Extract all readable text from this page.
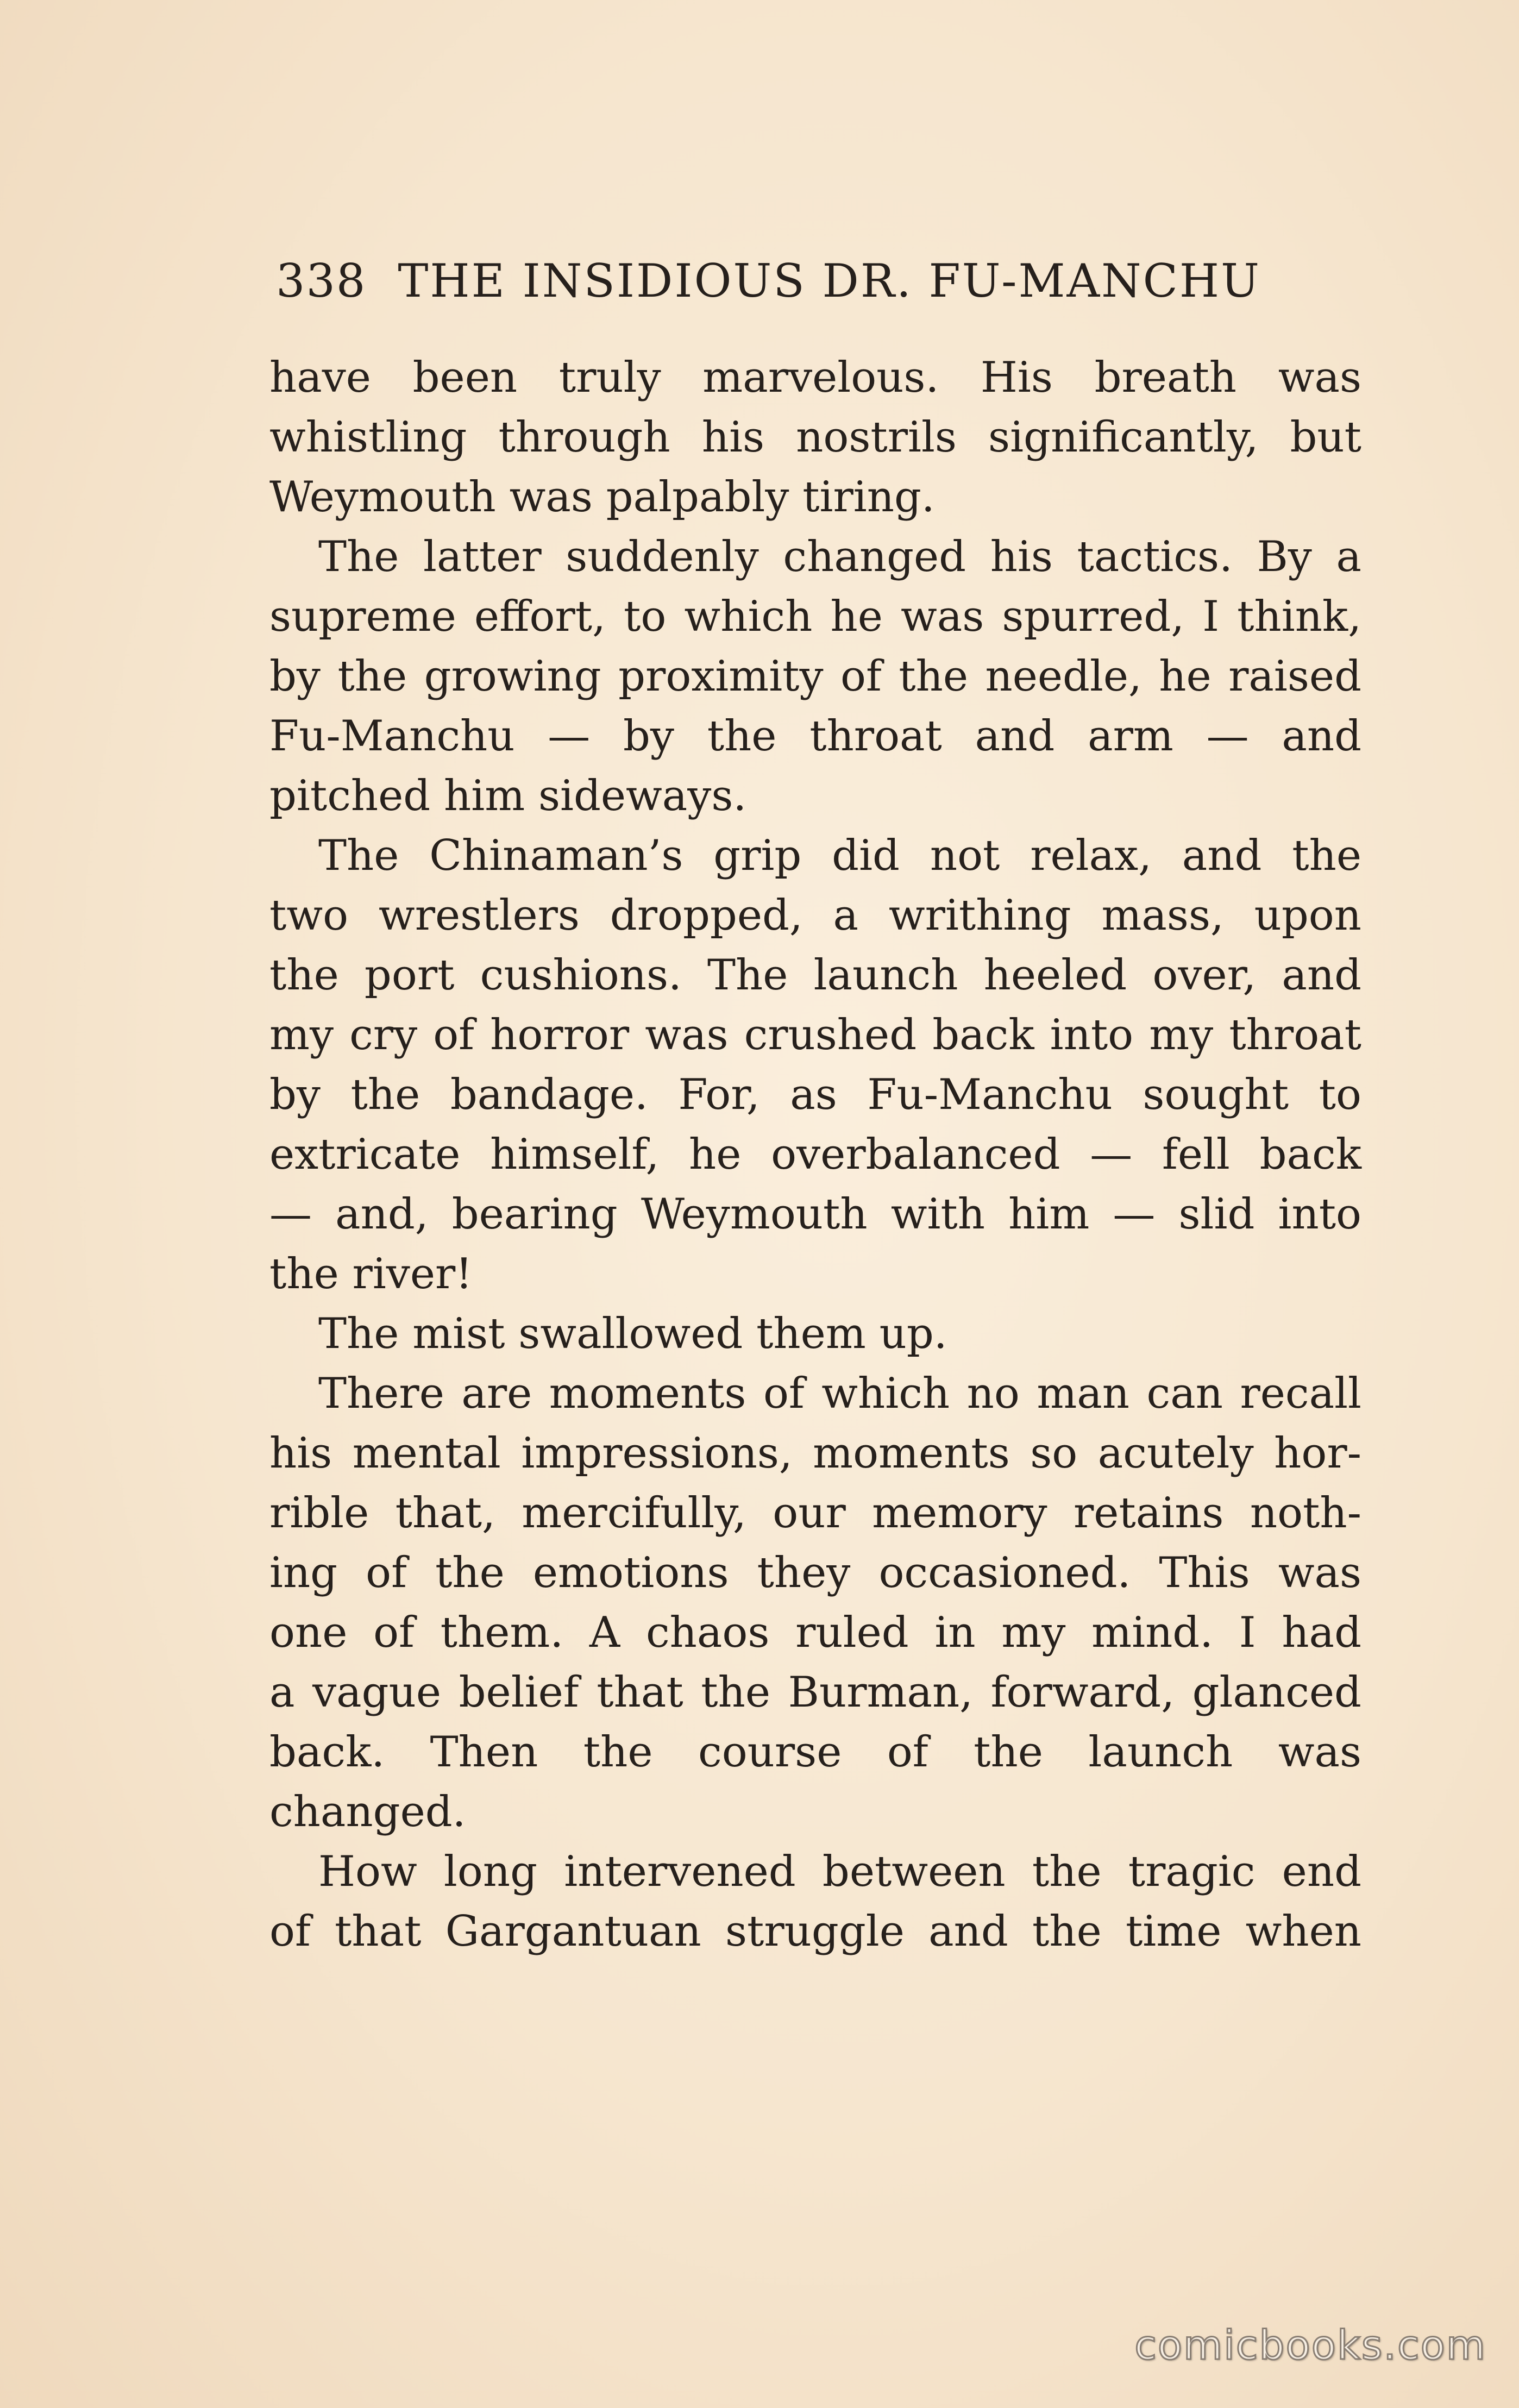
338 THE INSIDIOUS DR. FU-MANCHU
have been truly marvelous. His breath was
whistling through his nostrils significantly, but
Weymouth was palpably tiring.
The latter suddenly changed his tactics. By a
supreme effort, to which he was spurred, I think,
by the growing proximity of the needle, he raised
Fu-Manchu — by the throat and arm — and
pitched him sideways.
The Chinaman’s grip did not relax, and the
two wrestlers dropped, a writhing mass, upon
the port cushions. The launch heeled over, and
my cry of horror was crushed back into my throat
by the bandage. For, as Fu-Manchu sought to
extricate himself, he overbalanced — fell back
— and, bearing Weymouth with him — slid into
the river!
The mist swallowed them up.
There are moments of which no man can recall
his mental impressions, moments so acutely hor-
rible that, mercifully, our memory retains noth-
ing of the emotions they occasioned. This was
one of them. A chaos ruled in my mind. I had
a vague belief that the Burman, forward, glanced
back. Then the course of the launch was
changed.
How long intervened between the tragic end
of that Gargantuan struggle and the time when
comicbooks.com
